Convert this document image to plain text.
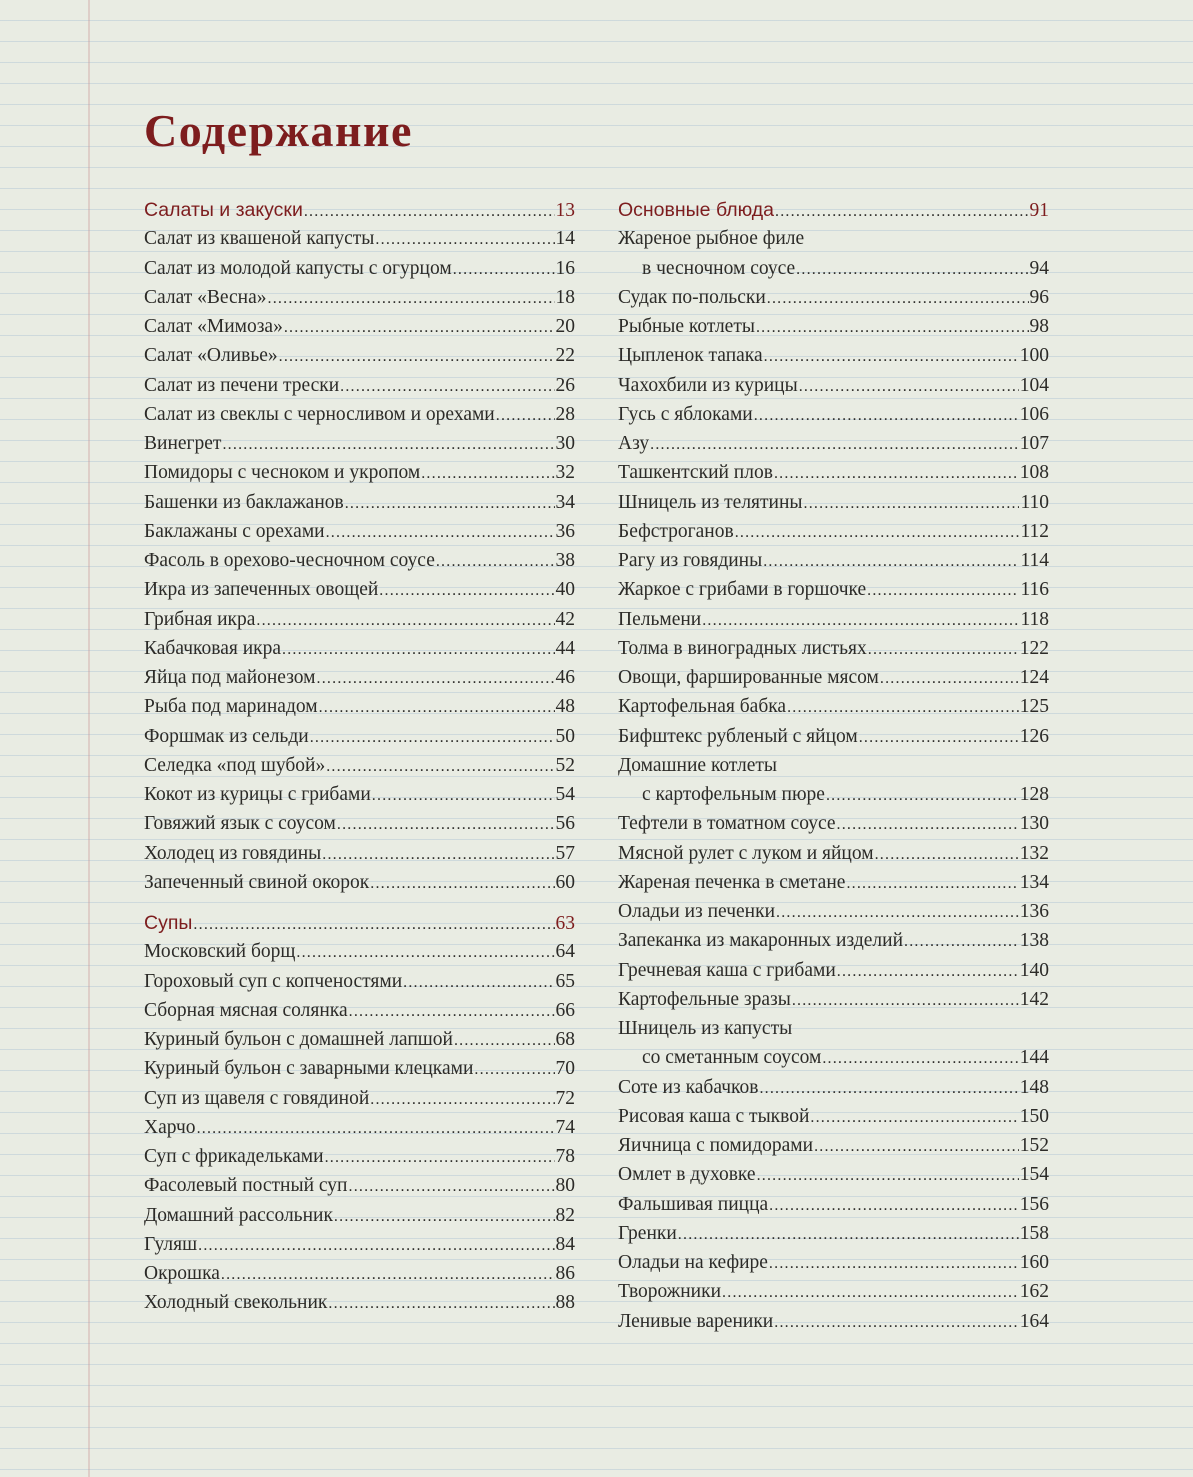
Содержание
Салаты и закуски .....	13
Салат из квашеной капусты .....	14
Салат из молодой капусты с огурцом .....	16
Салат «Весна» .....	18
Салат «Мимоза» .....	20
Салат «Оливье» .....	22
Салат из печени трески .....	26
Салат из свеклы с черносливом и орехами .....	28
Винегрет .....	30
Помидоры с чесноком и укропом .....	32
Башенки из баклажанов .....	34
Баклажаны с орехами .....	36
Фасоль в орехово-чесночном соусе .....	38
Икра из запеченных овощей .....	40
Грибная икра .....	42
Кабачковая икра .....	44
Яйца под майонезом .....	46
Рыба под маринадом .....	48
Форшмак из сельди .....	50
Селедка «под шубой» .....	52
Кокот из курицы с грибами .....	54
Говяжий язык с соусом .....	56
Холодец из говядины .....	57
Запеченный свиной окорок .....	60
Супы .....	63
Московский борщ .....	64
Гороховый суп с копченостями .....	65
Сборная мясная солянка .....	66
Куриный бульон с домашней лапшой .....	68
Куриный бульон с заварными клецками .....	70
Суп из щавеля с говядиной .....	72
Харчо .....	74
Суп с фрикадельками .....	78
Фасолевый постный суп .....	80
Домашний рассольник .....	82
Гуляш .....	84
Окрошка .....	86
Холодный свекольник .....	88
Основные блюда .....	91
Жареное рыбное филе
в чесночном соусе .....	94
Судак по-польски .....	96
Рыбные котлеты .....	98
Цыпленок тапака .....	100
Чахохбили из курицы .....	104
Гусь с яблоками .....	106
Азу .....	107
Ташкентский плов .....	108
Шницель из телятины .....	110
Бефстроганов .....	112
Рагу из говядины .....	114
Жаркое с грибами в горшочке .....	116
Пельмени .....	118
Толма в виноградных листьях .....	122
Овощи, фаршированные мясом .....	124
Картофельная бабка .....	125
Бифштекс рубленый с яйцом .....	126
Домашние котлеты
с картофельным пюре .....	128
Тефтели в томатном соусе .....	130
Мясной рулет с луком и яйцом .....	132
Жареная печенка в сметане .....	134
Оладьи из печенки .....	136
Запеканка из макаронных изделий .....	138
Гречневая каша с грибами .....	140
Картофельные зразы .....	142
Шницель из капусты
со сметанным соусом .....	144
Соте из кабачков .....	148
Рисовая каша с тыквой .....	150
Яичница с помидорами .....	152
Омлет в духовке .....	154
Фальшивая пицца .....	156
Гренки .....	158
Оладьи на кефире .....	160
Творожники .....	162
Ленивые вареники .....	164
